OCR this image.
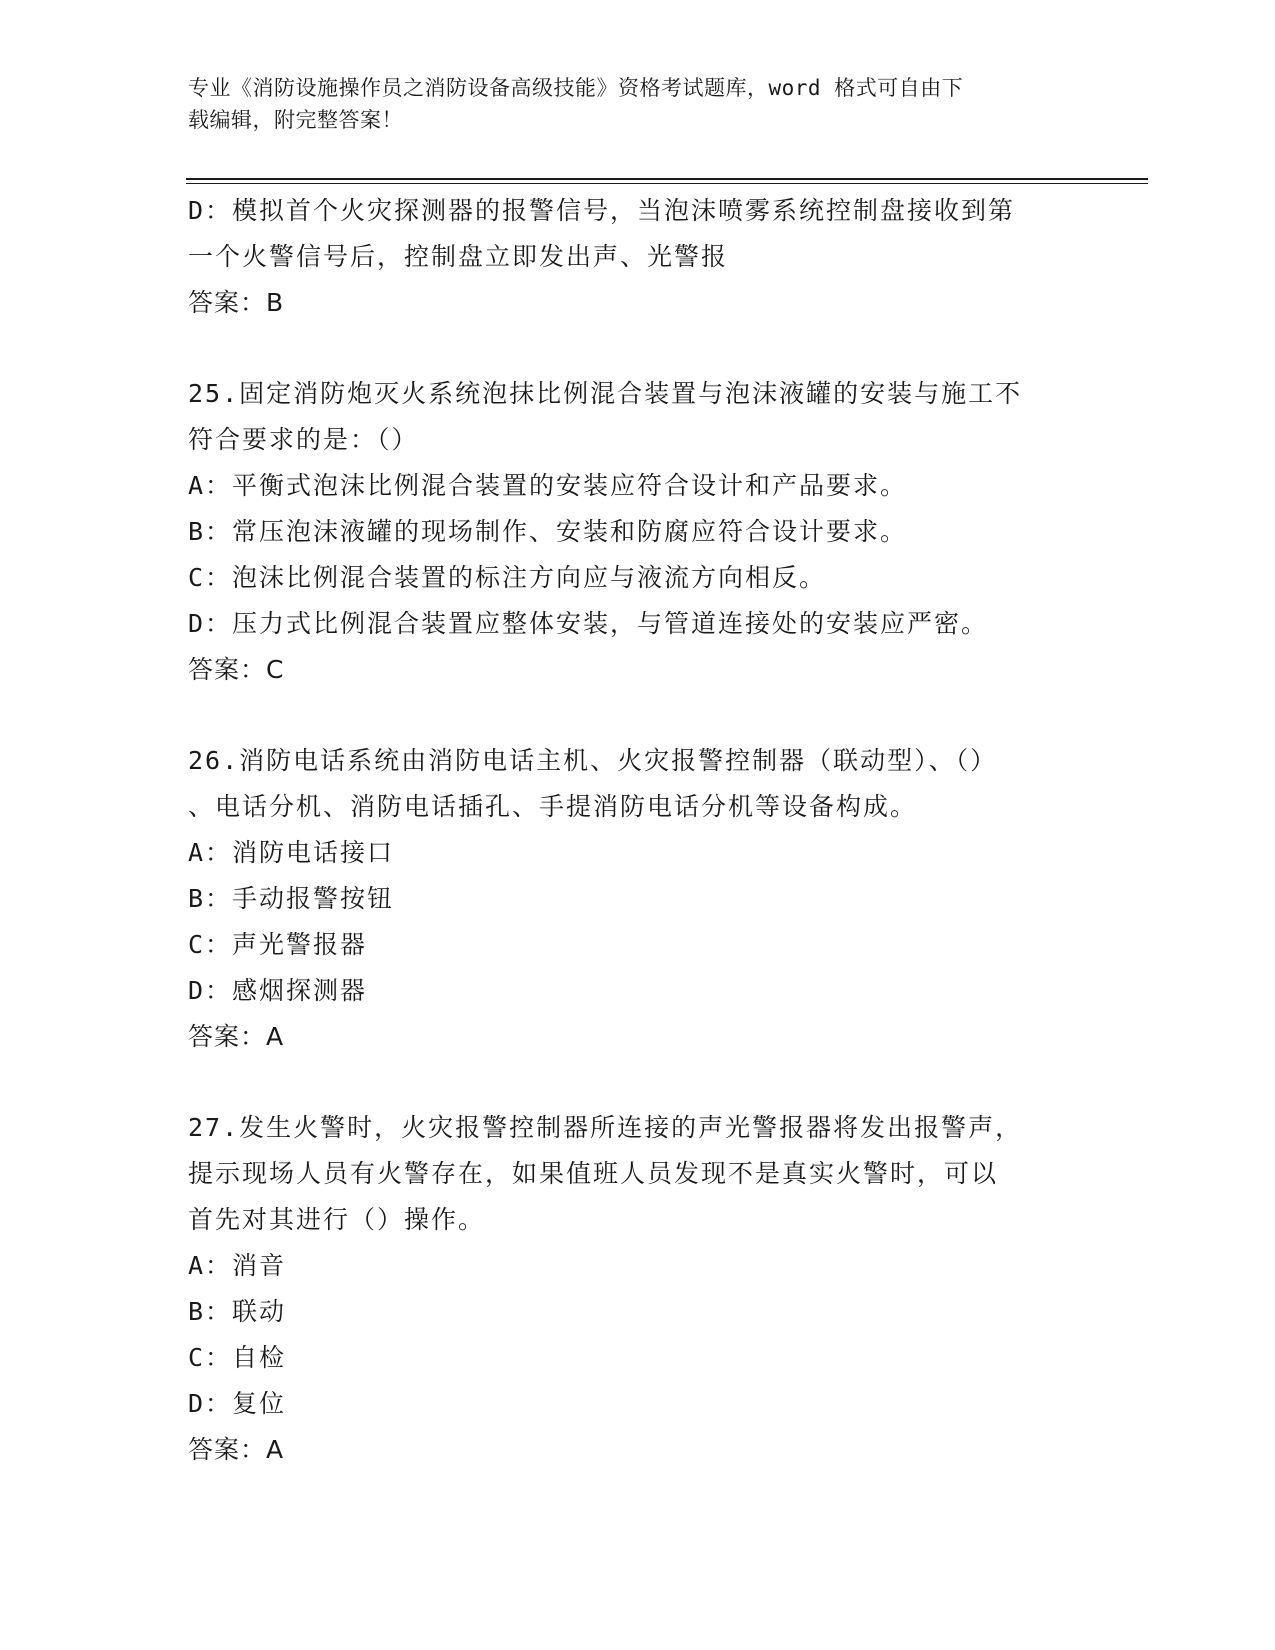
专业《消防设施操作员之消防设备高级技能》资格考试题库，word 格式可自由下
载编辑，附完整答案！
D：模拟首个火灾探测器的报警信号，当泡沫喷雾系统控制盘接收到第
一个火警信号后，控制盘立即发出声、光警报
答案：B
25.固定消防炮灭火系统泡抹比例混合装置与泡沫液罐的安装与施工不
符合要求的是：（）
A：平衡式泡沫比例混合装置的安装应符合设计和产品要求。
B：常压泡沫液罐的现场制作、安装和防腐应符合设计要求。
C：泡沫比例混合装置的标注方向应与液流方向相反。
D：压力式比例混合装置应整体安装，与管道连接处的安装应严密。
答案：C
26.消防电话系统由消防电话主机、火灾报警控制器（联动型）、（）
、电话分机、消防电话插孔、手提消防电话分机等设备构成。
A：消防电话接口
B：手动报警按钮
C：声光警报器
D：感烟探测器
答案：A
27.发生火警时，火灾报警控制器所连接的声光警报器将发出报警声，
提示现场人员有火警存在，如果值班人员发现不是真实火警时，可以
首先对其进行（）操作。
A：消音
B：联动
C：自检
D：复位
答案：A
